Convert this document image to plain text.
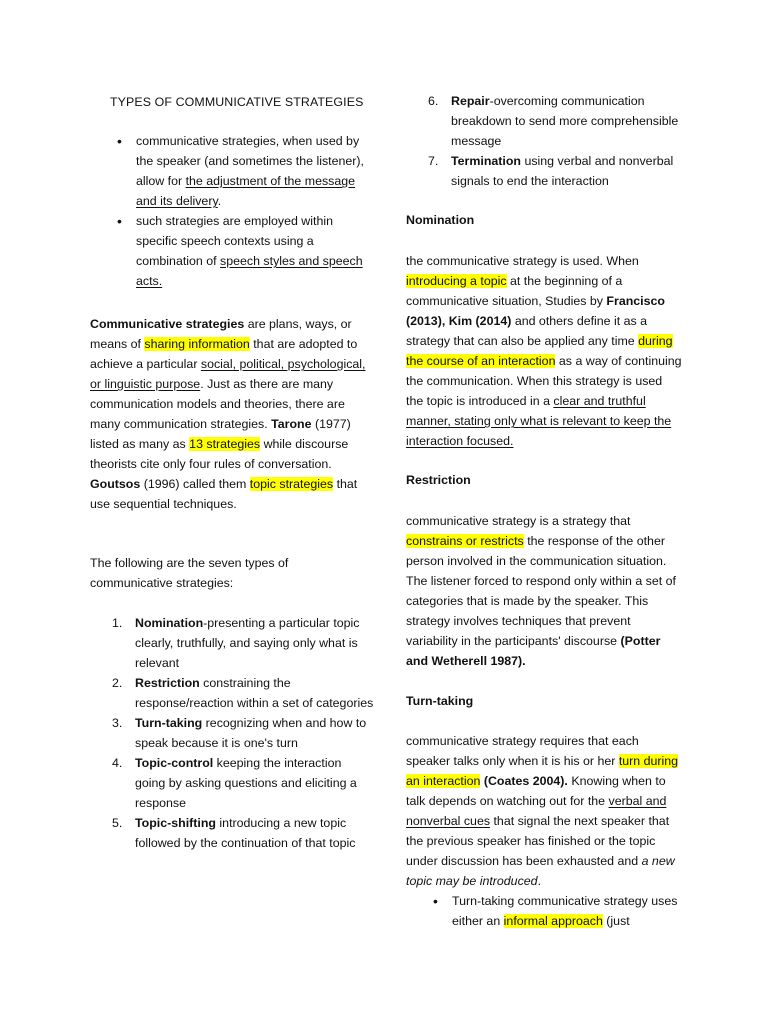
TYPES OF COMMUNICATIVE STRATEGIES
• communicative strategies, when used by the speaker (and sometimes the listener), allow for the adjustment of the message and its delivery.
• such strategies are employed within specific speech contexts using a combination of speech styles and speech acts.

Communicative strategies are plans, ways, or means of sharing information that are adopted to achieve a particular social, political, psychological, or linguistic purpose. Just as there are many communication models and theories, there are many communication strategies. Tarone (1977) listed as many as 13 strategies while discourse theorists cite only four rules of conversation. Goutsos (1996) called them topic strategies that use sequential techniques.

The following are the seven types of communicative strategies:

1. Nomination-presenting a particular topic clearly, truthfully, and saying only what is relevant
2. Restriction constraining the response/reaction within a set of categories
3. Turn-taking recognizing when and how to speak because it is one's turn
4. Topic-control keeping the interaction going by asking questions and eliciting a response
5. Topic-shifting introducing a new topic followed by the continuation of that topic
6. Repair-overcoming communication breakdown to send more comprehensible message
7. Termination using verbal and nonverbal signals to end the interaction

Nomination

the communicative strategy is used. When introducing a topic at the beginning of a communicative situation, Studies by Francisco (2013), Kim (2014) and others define it as a strategy that can also be applied any time during the course of an interaction as a way of continuing the communication. When this strategy is used the topic is introduced in a clear and truthful manner, stating only what is relevant to keep the interaction focused.

Restriction

communicative strategy is a strategy that constrains or restricts the response of the other person involved in the communication situation. The listener forced to respond only within a set of categories that is made by the speaker. This strategy involves techniques that prevent variability in the participants' discourse (Potter and Wetherell 1987).

Turn-taking

communicative strategy requires that each speaker talks only when it is his or her turn during an interaction (Coates 2004). Knowing when to talk depends on watching out for the verbal and nonverbal cues that signal the next speaker that the previous speaker has finished or the topic under discussion has been exhausted and a new topic may be introduced.

• Turn-taking communicative strategy uses either an informal approach (just
